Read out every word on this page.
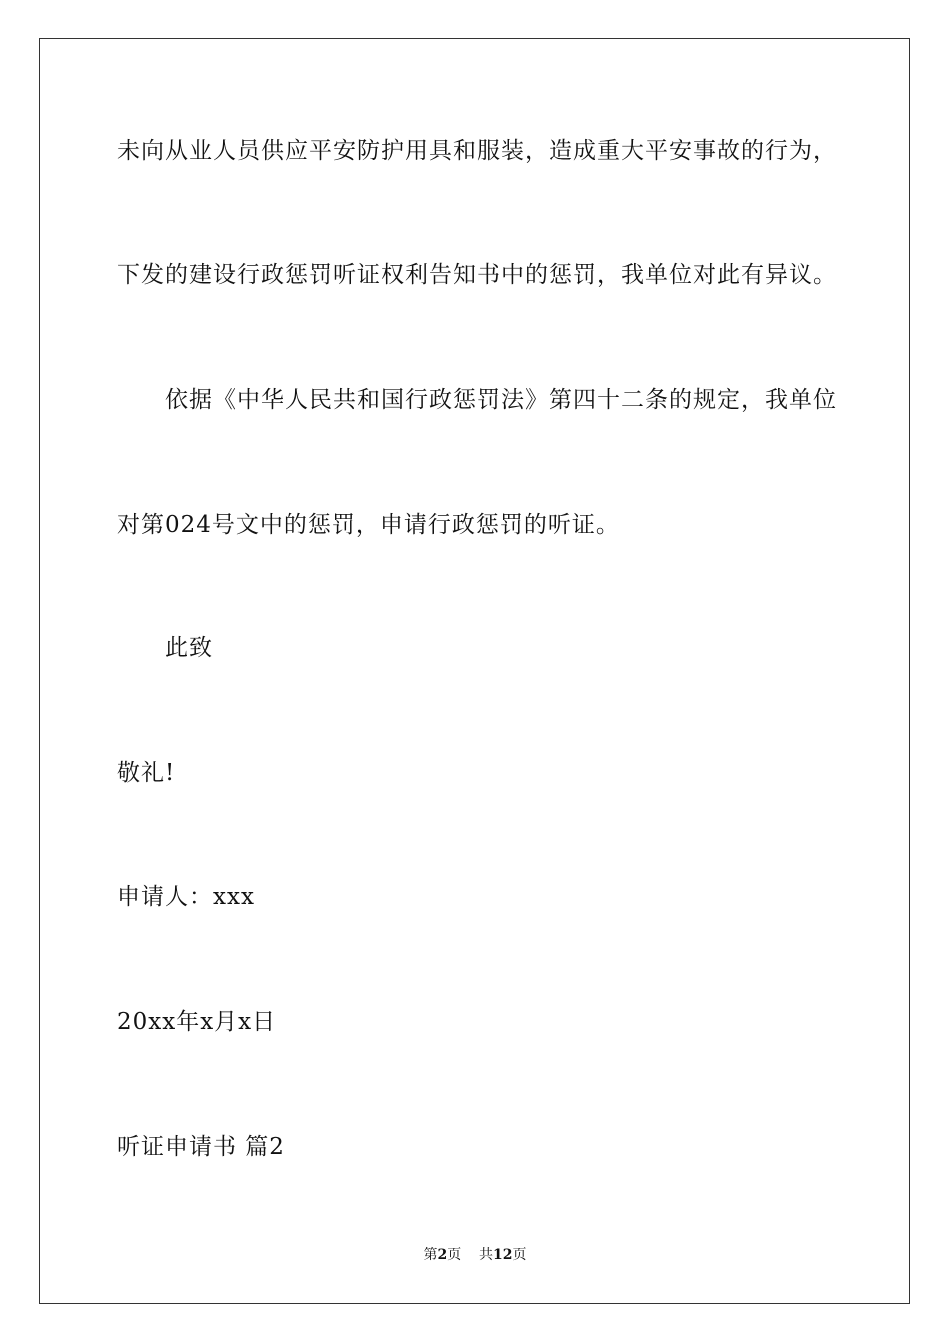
未向从业人员供应平安防护用具和服装，造成重大平安事故的行为，
下发的建设行政惩罚听证权利告知书中的惩罚，我单位对此有异议。
依据《中华人民共和国行政惩罚法》第四十二条的规定，我单位
对第024号文中的惩罚，申请行政惩罚的听证。
此致
敬礼!
申请人：xxx
20xx年x月x日
听证申请书 篇2
第2页 共12页
